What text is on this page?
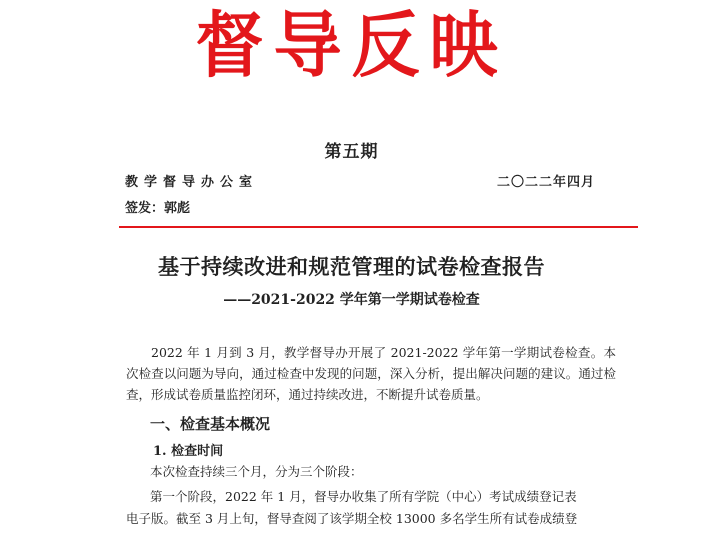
督导反映
第五期
教学督导办公室	二〇二二年四月
签发：郭彪
基于持续改进和规范管理的试卷检查报告
——2021-2022 学年第一学期试卷检查
2022 年 1 月到 3 月，教学督导办开展了 2021-2022 学年第一学期试卷检查。本次检查以问题为导向，通过检查中发现的问题，深入分析，提出解决问题的建议。通过检查，形成试卷质量监控闭环，通过持续改进，不断提升试卷质量。
一、检查基本概况
1. 检查时间
本次检查持续三个月，分为三个阶段：
第一个阶段，2022 年 1 月，督导办收集了所有学院（中心）考试成绩登记表
电子版。截至 3 月上旬，督导查阅了该学期全校 13000 多名学生所有试卷成绩登
